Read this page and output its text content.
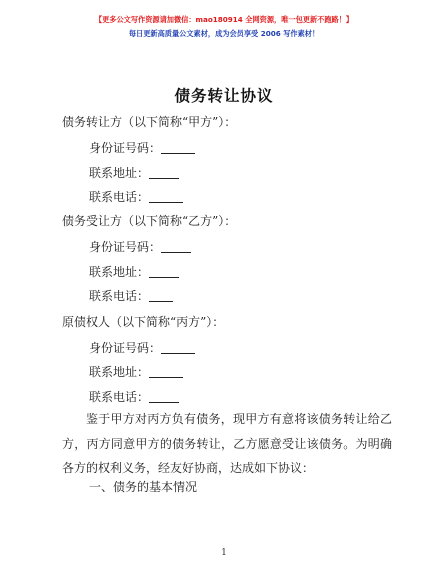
【更多公文写作资源请加微信：mao180914 全网资源，唯一包更新不跑路！】
每日更新高质量公文素材，成为会员享受 2006 写作素材！
债务转让协议
债务转让方（以下简称“甲方”）：
身份证号码：
联系地址：
联系电话：
债务受让方（以下简称“乙方”）：
身份证号码：
联系地址：
联系电话：
原债权人（以下简称“丙方”）：
身份证号码：
联系地址：
联系电话：
鉴于甲方对丙方负有债务，现甲方有意将该债务转让给乙方，丙方同意甲方的债务转让，乙方愿意受让该债务。为明确各方的权利义务，经友好协商，达成如下协议：
一、债务的基本情况
1
